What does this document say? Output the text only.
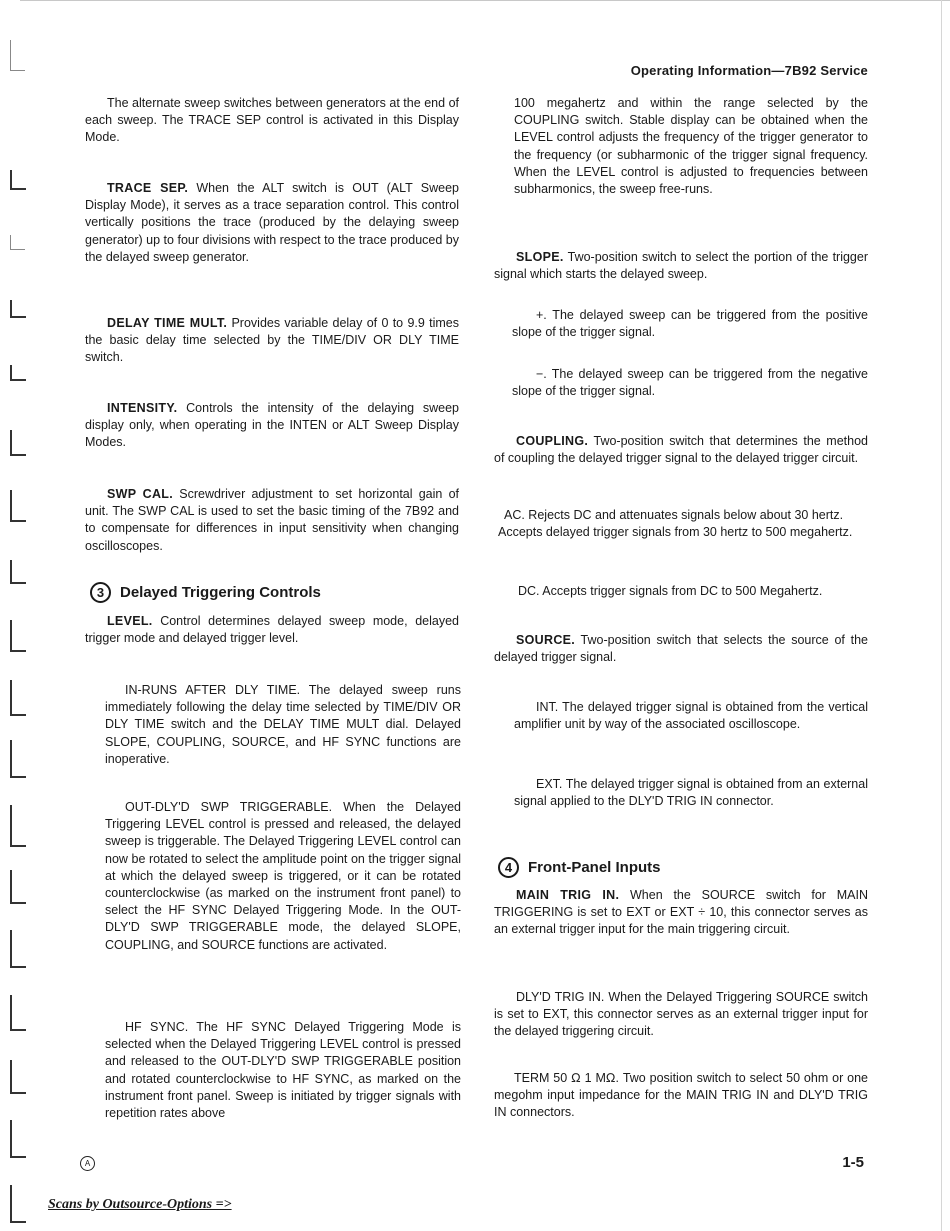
Operating Information—7B92 Service

The alternate sweep switches between generators at the end of each sweep. The TRACE SEP control is activated in this Display Mode.

TRACE SEP. When the ALT switch is OUT (ALT Sweep Display Mode), it serves as a trace separation control. This control vertically positions the trace (produced by the delaying sweep generator) up to four divisions with respect to the trace produced by the delayed sweep generator.

DELAY TIME MULT. Provides variable delay of 0 to 9.9 times the basic delay time selected by the TIME/DIV OR DLY TIME switch.

INTENSITY. Controls the intensity of the delaying sweep display only, when operating in the INTEN or ALT Sweep Display Modes.

SWP CAL. Screwdriver adjustment to set horizontal gain of unit. The SWP CAL is used to set the basic timing of the 7B92 and to compensate for differences in input sensitivity when changing oscilloscopes.

3	Delayed Triggering Controls

LEVEL. Control determines delayed sweep mode, delayed trigger mode and delayed trigger level.

IN-RUNS AFTER DLY TIME. The delayed sweep runs immediately following the delay time selected by TIME/DIV OR DLY TIME switch and the DELAY TIME MULT dial. Delayed SLOPE, COUPLING, SOURCE, and HF SYNC functions are inoperative.

OUT-DLY'D SWP TRIGGERABLE. When the Delayed Triggering LEVEL control is pressed and released, the delayed sweep is triggerable. The Delayed Triggering LEVEL control can now be rotated to select the amplitude point on the trigger signal at which the delayed sweep is triggered, or it can be rotated counterclockwise (as marked on the instrument front panel) to select the HF SYNC Delayed Triggering Mode. In the OUT-DLY'D SWP TRIGGERABLE mode, the delayed SLOPE, COUPLING, and SOURCE functions are activated.

HF SYNC. The HF SYNC Delayed Triggering Mode is selected when the Delayed Triggering LEVEL control is pressed and released to the OUT-DLY'D SWP TRIGGERABLE position and rotated counterclockwise to HF SYNC, as marked on the instrument front panel. Sweep is initiated by trigger signals with repetition rates above

100 megahertz and within the range selected by the COUPLING switch. Stable display can be obtained when the LEVEL control adjusts the frequency of the trigger generator to the frequency (or subharmonic of the trigger signal frequency. When the LEVEL control is adjusted to frequencies between subharmonics, the sweep free-runs.

SLOPE. Two-position switch to select the portion of the trigger signal which starts the delayed sweep.

+. The delayed sweep can be triggered from the positive slope of the trigger signal.

−. The delayed sweep can be triggered from the negative slope of the trigger signal.

COUPLING. Two-position switch that determines the method of coupling the delayed trigger signal to the delayed trigger circuit.

AC. Rejects DC and attenuates signals below about 30 hertz. Accepts delayed trigger signals from 30 hertz to 500 megahertz.

DC. Accepts trigger signals from DC to 500 Megahertz.

SOURCE. Two-position switch that selects the source of the delayed trigger signal.

INT. The delayed trigger signal is obtained from the vertical amplifier unit by way of the associated oscilloscope.

EXT. The delayed trigger signal is obtained from an external signal applied to the DLY'D TRIG IN connector.

4	Front-Panel Inputs

MAIN TRIG IN. When the SOURCE switch for MAIN TRIGGERING is set to EXT or EXT ÷ 10, this connector serves as an external trigger input for the main triggering circuit.

DLY'D TRIG IN. When the Delayed Triggering SOURCE switch is set to EXT, this connector serves as an external trigger input for the delayed triggering circuit.

TERM 50 Ω 1 MΩ. Two position switch to select 50 ohm or one megohm input impedance for the MAIN TRIG IN and DLY'D TRIG IN connectors.

A	1-5
Scans by Outsource-Options =>
